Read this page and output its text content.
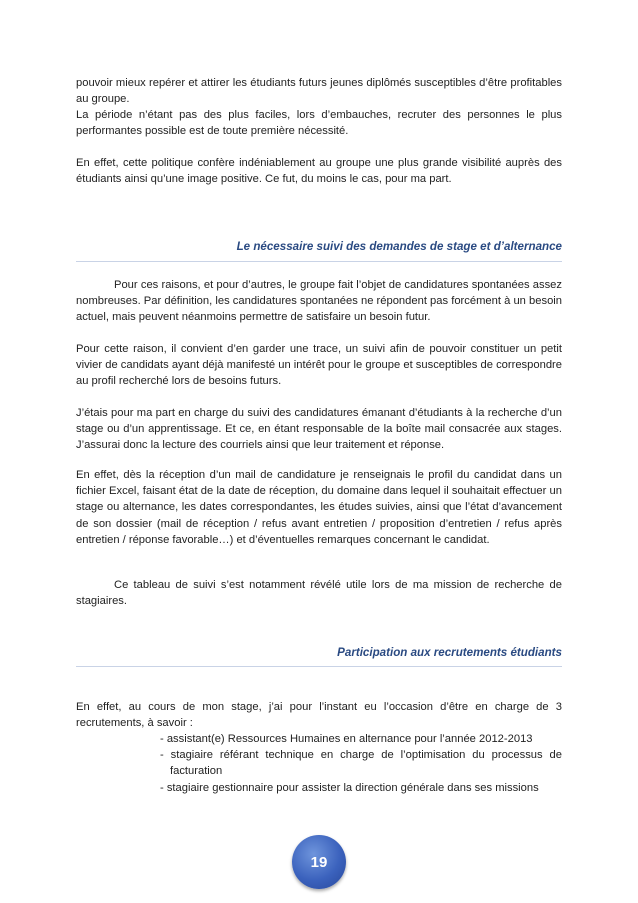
pouvoir mieux repérer et attirer les étudiants futurs jeunes diplômés susceptibles d’être profitables au groupe.

La période n’étant pas des plus faciles, lors d’embauches, recruter des personnes le plus performantes possible est de toute première nécessité.

En effet, cette politique confère indéniablement au groupe une plus grande visibilité auprès des étudiants ainsi qu’une image positive. Ce fut, du moins le cas, pour ma part.

Le nécessaire suivi des demandes de stage et d’alternance

Pour ces raisons, et pour d’autres, le groupe fait l’objet de candidatures spontanées assez nombreuses. Par définition, les candidatures spontanées ne répondent pas forcément à un besoin actuel, mais peuvent néanmoins permettre de satisfaire un besoin futur.

Pour cette raison, il convient d’en garder une trace, un suivi afin de pouvoir constituer un petit vivier de candidats ayant déjà manifesté un intérêt pour le groupe et susceptibles de correspondre au profil recherché lors de besoins futurs.

J’étais pour ma part en charge du suivi des candidatures émanant d’étudiants à la recherche d’un stage ou d’un apprentissage. Et ce, en étant responsable de la boîte mail consacrée aux stages. J’assurai donc la lecture des courriels ainsi que leur traitement et réponse.

En effet, dès la réception d’un mail de candidature je renseignais le profil du candidat dans un fichier Excel, faisant état de la date de réception, du domaine dans lequel il souhaitait effectuer un stage ou alternance, les dates correspondantes, les études suivies, ainsi que l’état d’avancement de son dossier (mail de réception / refus avant entretien / proposition d’entretien / refus après entretien / réponse favorable…) et d’éventuelles remarques concernant le candidat.

Ce tableau de suivi s’est notamment révélé utile lors de ma mission de recherche de stagiaires.

Participation aux recrutements étudiants

En effet, au cours de mon stage, j’ai pour l’instant eu l’occasion d’être en charge de 3 recrutements, à savoir :

- assistant(e) Ressources Humaines en alternance pour l’année 2012-2013
- stagiaire référant technique en charge de l’optimisation du processus de facturation
- stagiaire gestionnaire pour assister la direction générale dans ses missions
19
